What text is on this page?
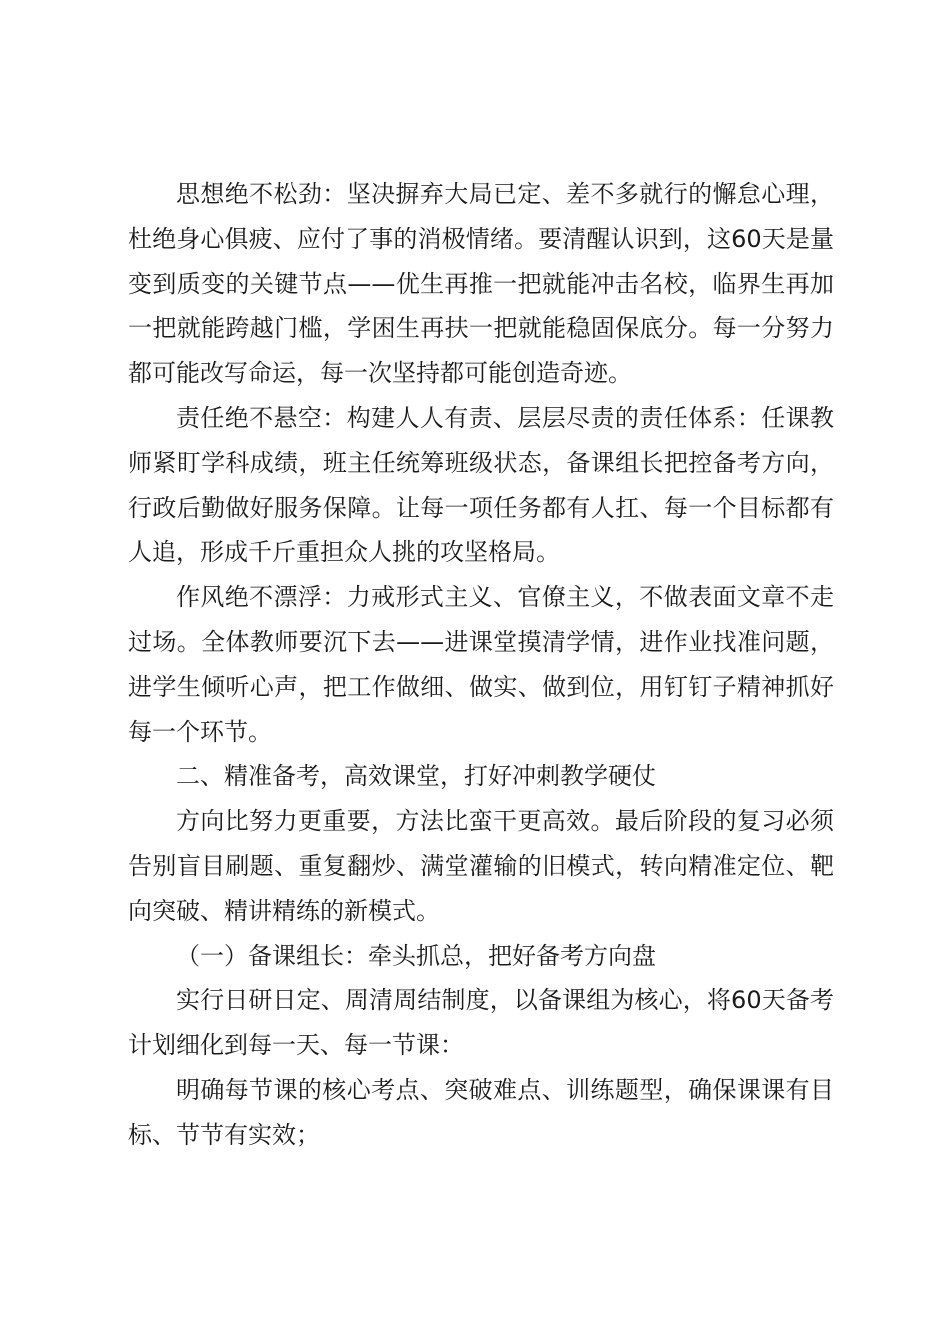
思想绝不松劲：坚决摒弃大局已定、差不多就行的懈怠心理，杜绝身心俱疲、应付了事的消极情绪。要清醒认识到，这60天是量变到质变的关键节点——优生再推一把就能冲击名校，临界生再加一把就能跨越门槛，学困生再扶一把就能稳固保底分。每一分努力都可能改写命运，每一次坚持都可能创造奇迹。

责任绝不悬空：构建人人有责、层层尽责的责任体系：任课教师紧盯学科成绩，班主任统筹班级状态，备课组长把控备考方向，行政后勤做好服务保障。让每一项任务都有人扛、每一个目标都有人追，形成千斤重担众人挑的攻坚格局。

作风绝不漂浮：力戒形式主义、官僚主义，不做表面文章不走过场。全体教师要沉下去——进课堂摸清学情，进作业找准问题，进学生倾听心声，把工作做细、做实、做到位，用钉钉子精神抓好每一个环节。

二、精准备考，高效课堂，打好冲刺教学硬仗

方向比努力更重要，方法比蛮干更高效。最后阶段的复习必须告别盲目刷题、重复翻炒、满堂灌输的旧模式，转向精准定位、靶向突破、精讲精练的新模式。

（一）备课组长：牵头抓总，把好备考方向盘

实行日研日定、周清周结制度，以备课组为核心，将60天备考计划细化到每一天、每一节课：

明确每节课的核心考点、突破难点、训练题型，确保课课有目标、节节有实效；
